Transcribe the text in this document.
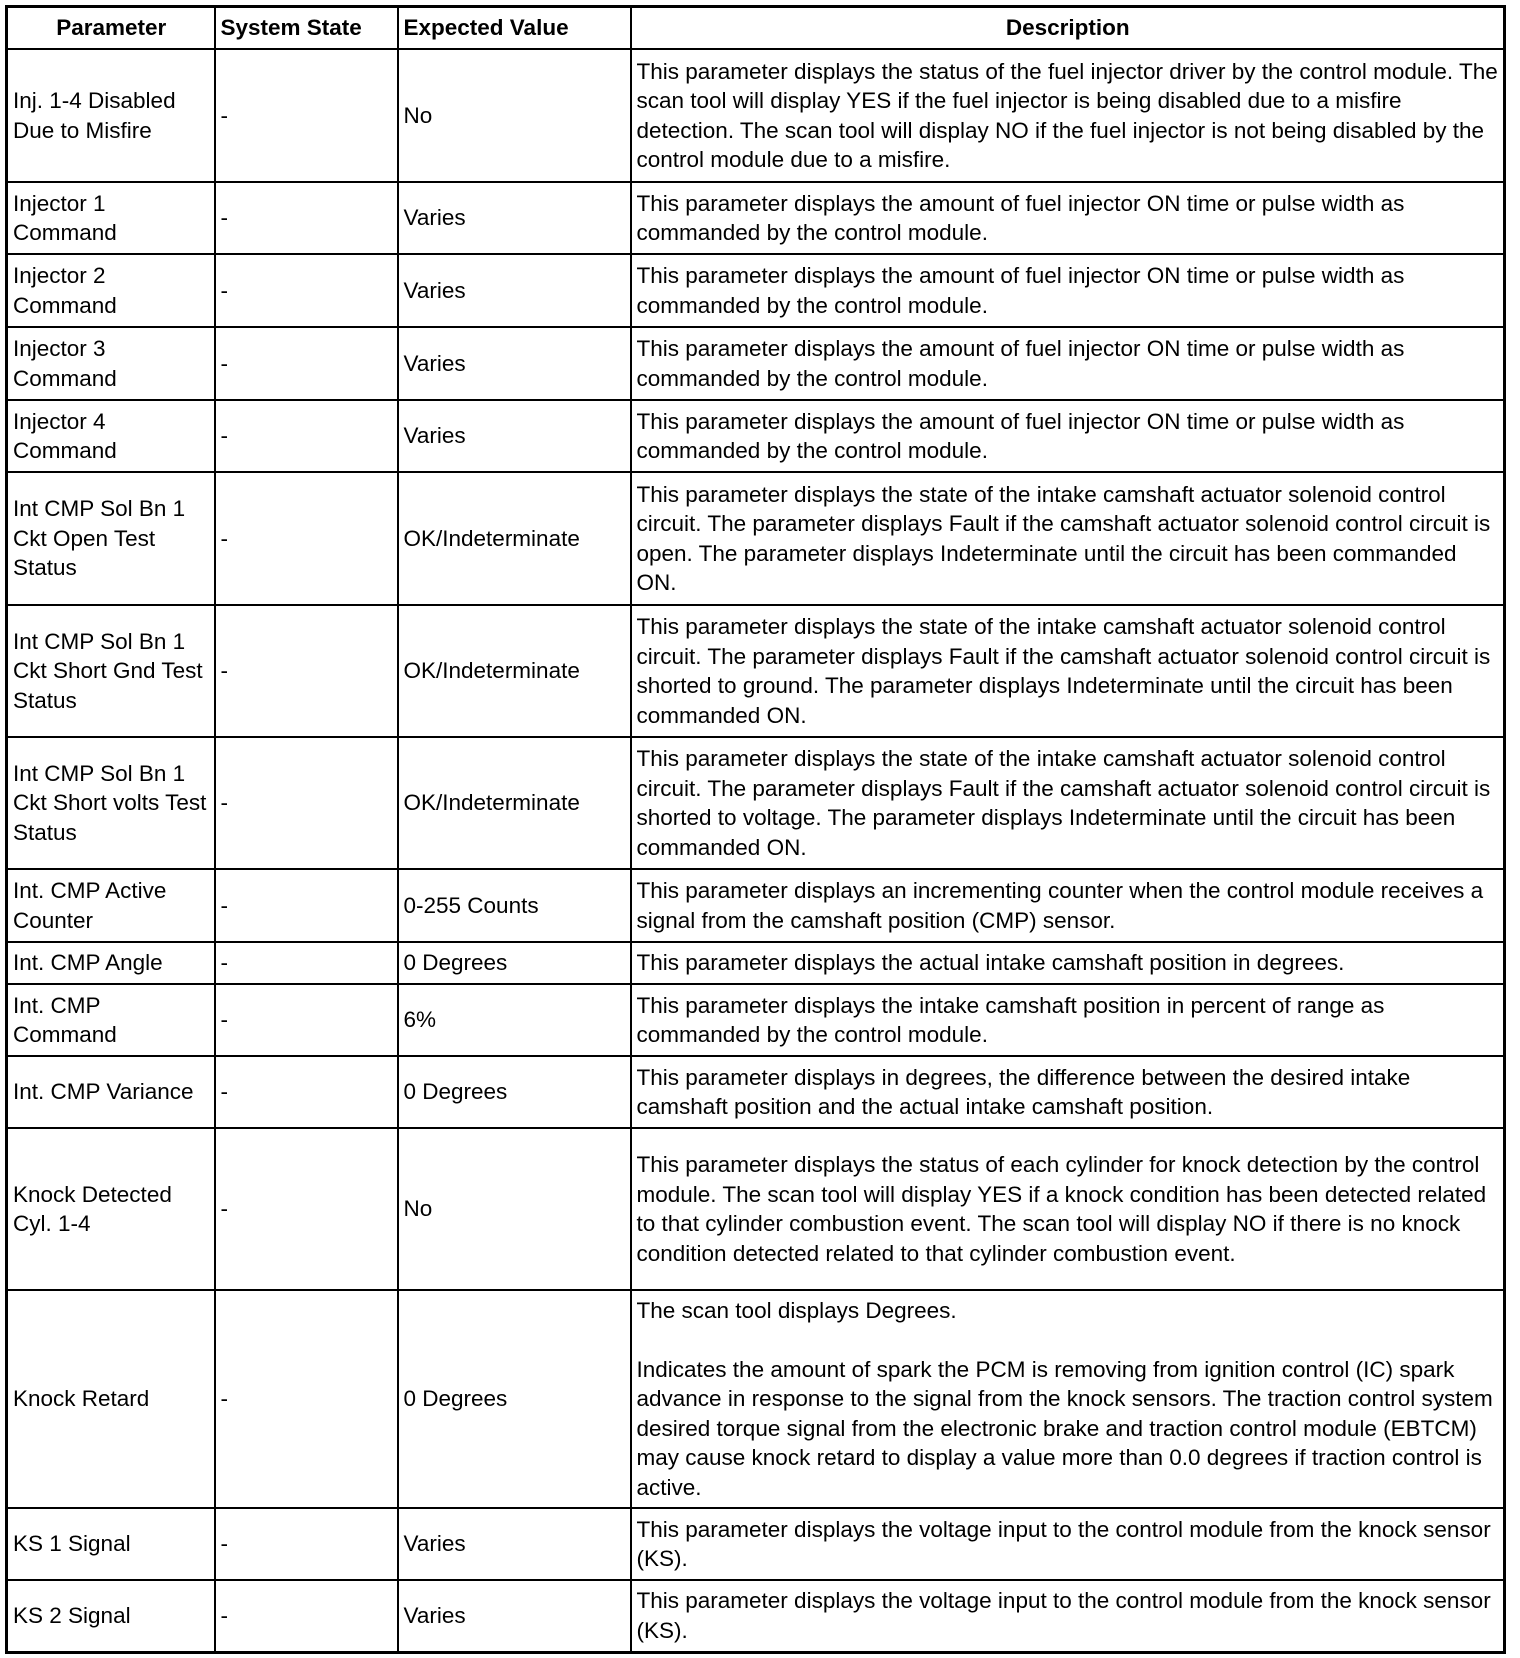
Parameter	System State	Expected Value	Description
Inj. 1-4 Disabled Due to Misfire	-	No	This parameter displays the status of the fuel injector driver by the control module. The scan tool will display YES if the fuel injector is being disabled due to a misfire detection. The scan tool will display NO if the fuel injector is not being disabled by the control module due to a misfire.

Injector 1 Command	-	Varies	This parameter displays the amount of fuel injector ON time or pulse width as commanded by the control module.

Injector 2 Command	-	Varies	This parameter displays the amount of fuel injector ON time or pulse width as commanded by the control module.

Injector 3 Command	-	Varies	This parameter displays the amount of fuel injector ON time or pulse width as commanded by the control module.

Injector 4 Command	-	Varies	This parameter displays the amount of fuel injector ON time or pulse width as commanded by the control module.

Int CMP Sol Bn 1 Ckt Open Test Status	-	OK/Indeterminate	This parameter displays the state of the intake camshaft actuator solenoid control circuit. The parameter displays Fault if the camshaft actuator solenoid control circuit is open. The parameter displays Indeterminate until the circuit has been commanded ON.

Int CMP Sol Bn 1 Ckt Short Gnd Test Status	-	OK/Indeterminate	This parameter displays the state of the intake camshaft actuator solenoid control circuit. The parameter displays Fault if the camshaft actuator solenoid control circuit is shorted to ground. The parameter displays Indeterminate until the circuit has been commanded ON.

Int CMP Sol Bn 1 Ckt Short volts Test Status	-	OK/Indeterminate	This parameter displays the state of the intake camshaft actuator solenoid control circuit. The parameter displays Fault if the camshaft actuator solenoid control circuit is shorted to voltage. The parameter displays Indeterminate until the circuit has been commanded ON.

Int. CMP Active Counter	-	0-255 Counts	This parameter displays an incrementing counter when the control module receives a signal from the camshaft position (CMP) sensor.

Int. CMP Angle	-	0 Degrees	This parameter displays the actual intake camshaft position in degrees.

Int. CMP Command	-	6%	This parameter displays the intake camshaft position in percent of range as commanded by the control module.

Int. CMP Variance	-	0 Degrees	This parameter displays in degrees, the difference between the desired intake camshaft position and the actual intake camshaft position.

Knock Detected Cyl. 1-4	-	No	This parameter displays the status of each cylinder for knock detection by the control module. The scan tool will display YES if a knock condition has been detected related to that cylinder combustion event. The scan tool will display NO if there is no knock condition detected related to that cylinder combustion event.

Knock Retard	-	0 Degrees	The scan tool displays Degrees.
Indicates the amount of spark the PCM is removing from ignition control (IC) spark advance in response to the signal from the knock sensors. The traction control system desired torque signal from the electronic brake and traction control module (EBTCM) may cause knock retard to display a value more than 0.0 degrees if traction control is active.

KS 1 Signal	-	Varies	This parameter displays the voltage input to the control module from the knock sensor (KS).

KS 2 Signal	-	Varies	This parameter displays the voltage input to the control module from the knock sensor (KS).
